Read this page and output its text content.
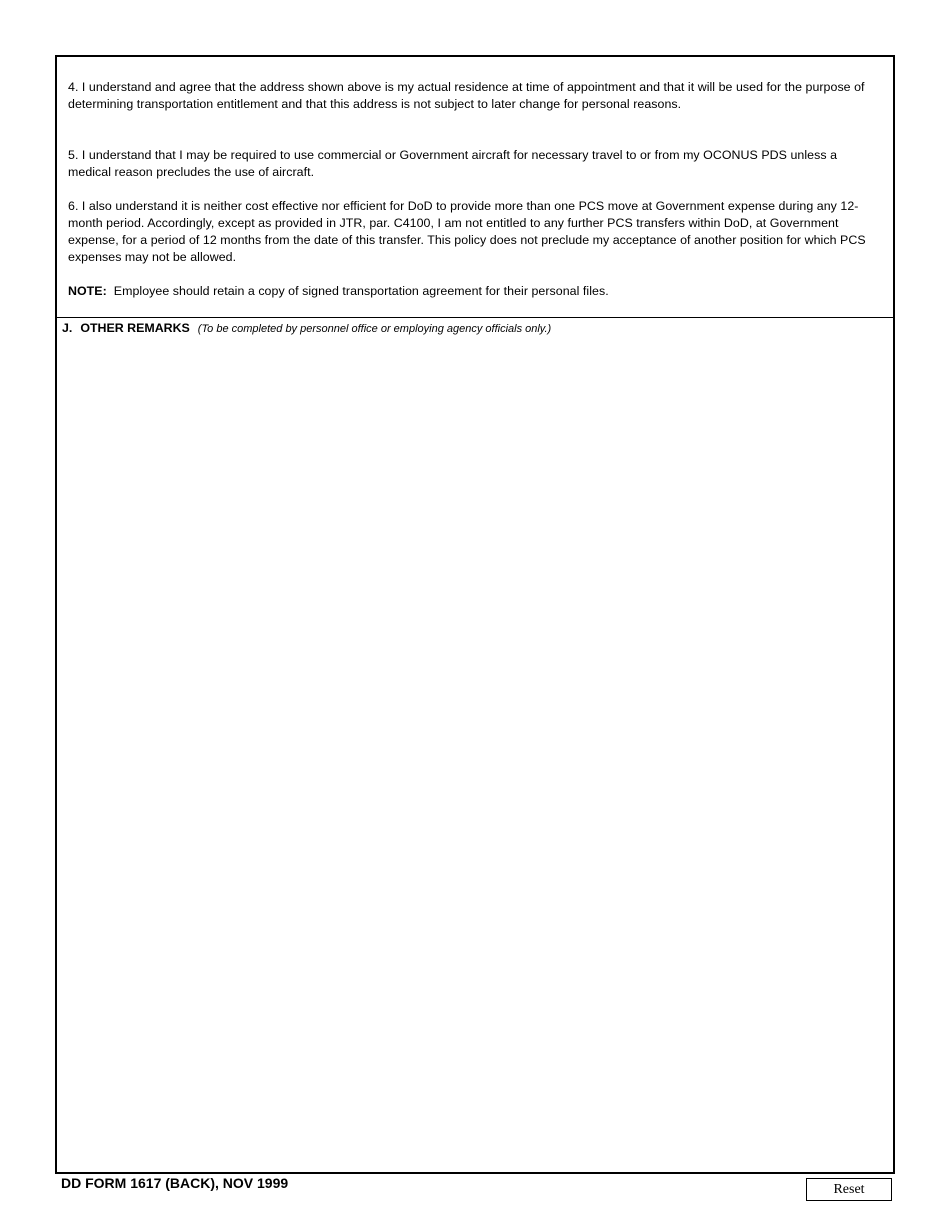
4. I understand and agree that the address shown above is my actual residence at time of appointment and that it will be used for the purpose of determining transportation entitlement and that this address is not subject to later change for personal reasons.

5. I understand that I may be required to use commercial or Government aircraft for necessary travel to or from my OCONUS PDS unless a medical reason precludes the use of aircraft.

6. I also understand it is neither cost effective nor efficient for DoD to provide more than one PCS move at Government expense during any 12-month period. Accordingly, except as provided in JTR, par. C4100, I am not entitled to any further PCS transfers within DoD, at Government expense, for a period of 12 months from the date of this transfer. This policy does not preclude my acceptance of another position for which PCS expenses may not be allowed.

NOTE: Employee should retain a copy of signed transportation agreement for their personal files.

J. OTHER REMARKS (To be completed by personnel office or employing agency officials only.)
DD FORM 1617 (BACK), NOV 1999	Reset
